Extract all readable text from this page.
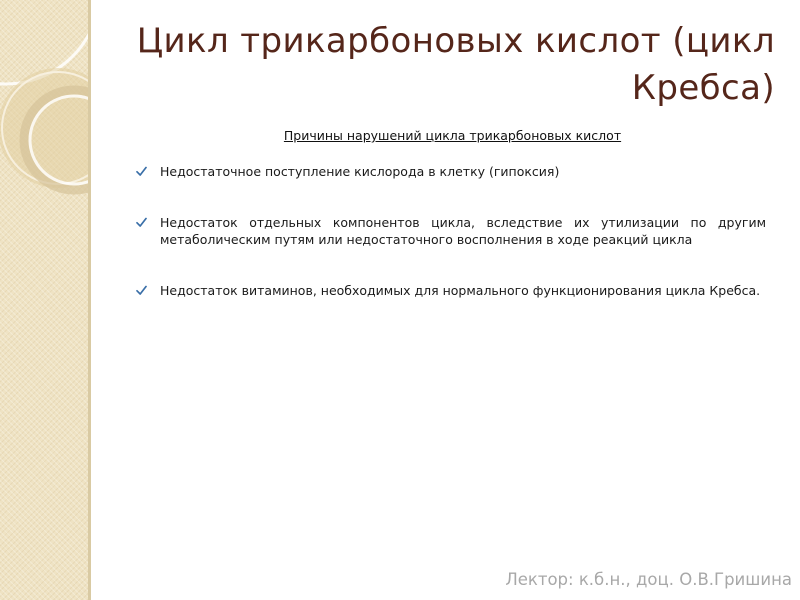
Цикл трикарбоновых кислот (цикл Кребса)
Причины нарушений цикла трикарбоновых кислот
Недостаточное поступление кислорода в клетку (гипоксия)
Недостаток отдельных компонентов цикла, вследствие их утилизации по другим метаболическим путям или недостаточного восполнения в ходе реакций цикла
Недостаток витаминов, необходимых для нормального функционирования цикла Кребса.
Лектор: к.б.н., доц. О.В.Гришина
